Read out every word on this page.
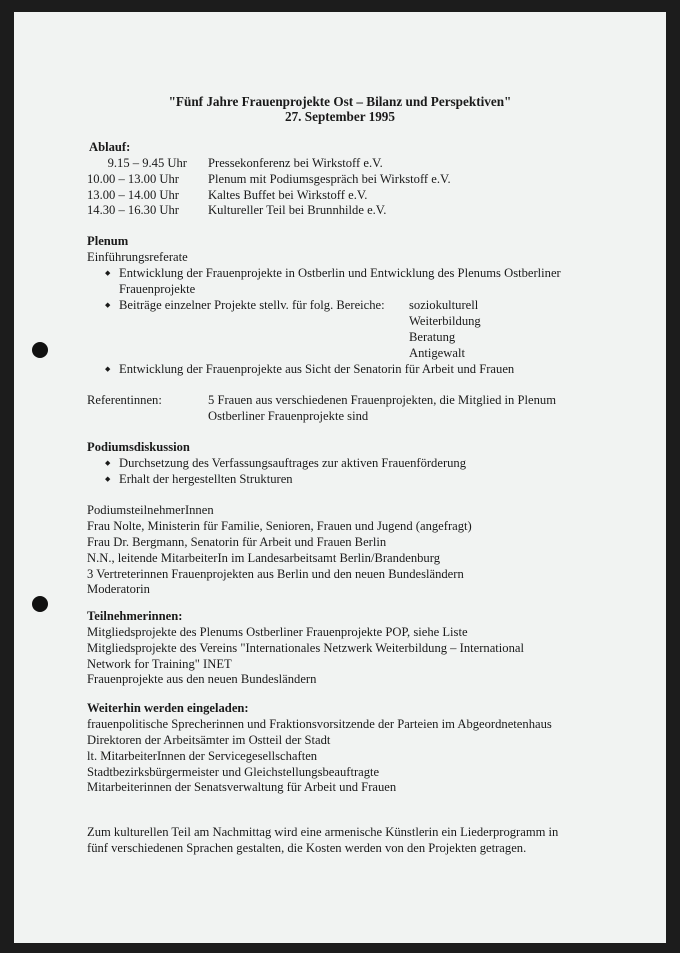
"Fünf Jahre Frauenprojekte Ost – Bilanz und Perspektiven"
27. September 1995
Ablauf:
9.15 – 9.45 Uhr Pressekonferenz bei Wirkstoff e.V.
10.00 – 13.00 Uhr Plenum mit Podiumsgespräch bei Wirkstoff e.V.
13.00 – 14.00 Uhr Kaltes Buffet bei Wirkstoff e.V.
14.30 – 16.30 Uhr Kultureller Teil bei Brunnhilde e.V.
Plenum
Einführungsreferate
◆ Entwicklung der Frauenprojekte in Ostberlin und Entwicklung des Plenums Ostberliner
Frauenprojekte
◆ Beiträge einzelner Projekte stellv. für folg. Bereiche: soziokulturell
Weiterbildung
Beratung
Antigewalt
◆ Entwicklung der Frauenprojekte aus Sicht der Senatorin für Arbeit und Frauen
Referentinnen:	5 Frauen aus verschiedenen Frauenprojekten, die Mitglied in Plenum
Ostberliner Frauenprojekte sind
Podiumsdiskussion
◆ Durchsetzung des Verfassungsauftrages zur aktiven Frauenförderung
◆ Erhalt der hergestellten Strukturen
PodiumsteilnehmerInnen
Frau Nolte, Ministerin für Familie, Senioren, Frauen und Jugend (angefragt)
Frau Dr. Bergmann, Senatorin für Arbeit und Frauen Berlin
N.N., leitende MitarbeiterIn im Landesarbeitsamt Berlin/Brandenburg
3 Vertreterinnen Frauenprojekten aus Berlin und den neuen Bundesländern
Moderatorin
Teilnehmerinnen:
Mitgliedsprojekte des Plenums Ostberliner Frauenprojekte POP, siehe Liste
Mitgliedsprojekte des Vereins "Internationales Netzwerk Weiterbildung – International
Network for Training" INET
Frauenprojekte aus den neuen Bundesländern
Weiterhin werden eingeladen:
frauenpolitische Sprecherinnen und Fraktionsvorsitzende der Parteien im Abgeordnetenhaus
Direktoren der Arbeitsämter im Ostteil der Stadt
lt. MitarbeiterInnen der Servicegesellschaften
Stadtbezirksbürgermeister und Gleichstellungsbeauftragte
Mitarbeiterinnen der Senatsverwaltung für Arbeit und Frauen
Zum kulturellen Teil am Nachmittag wird eine armenische Künstlerin ein Liederprogramm in
fünf verschiedenen Sprachen gestalten, die Kosten werden von den Projekten getragen.
